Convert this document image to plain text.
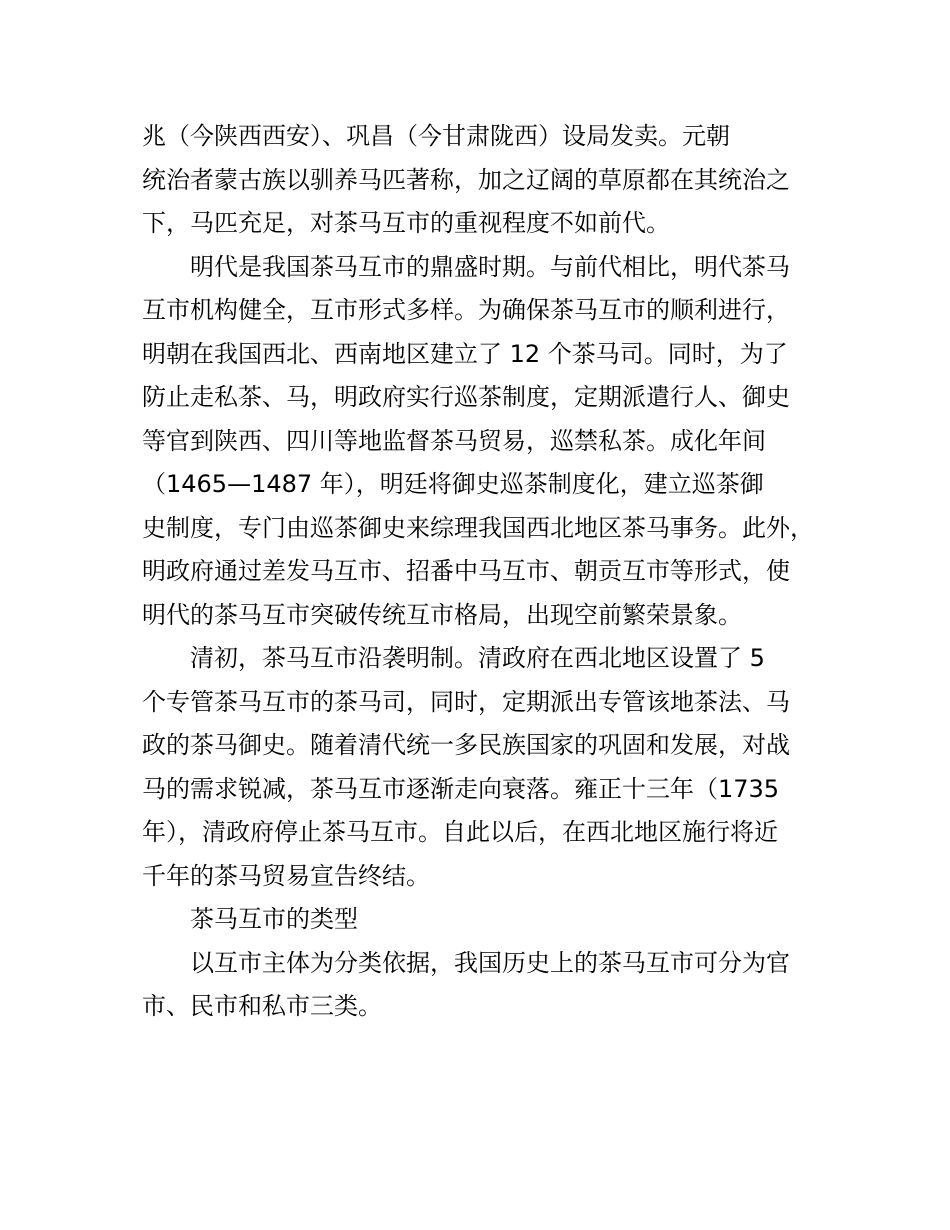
兆（今陕西西安）、巩昌（今甘肃陇西）设局发卖。元朝
统治者蒙古族以驯养马匹著称，加之辽阔的草原都在其统治之
下，马匹充足，对茶马互市的重视程度不如前代。
明代是我国茶马互市的鼎盛时期。与前代相比，明代茶马
互市机构健全，互市形式多样。为确保茶马互市的顺利进行，
明朝在我国西北、西南地区建立了 12 个茶马司。同时，为了
防止走私茶、马，明政府实行巡茶制度，定期派遣行人、御史
等官到陕西、四川等地监督茶马贸易，巡禁私茶。成化年间
（1465—1487 年），明廷将御史巡茶制度化，建立巡茶御
史制度，专门由巡茶御史来综理我国西北地区茶马事务。此外，
明政府通过差发马互市、招番中马互市、朝贡互市等形式，使
明代的茶马互市突破传统互市格局，出现空前繁荣景象。
清初，茶马互市沿袭明制。清政府在西北地区设置了 5
个专管茶马互市的茶马司，同时，定期派出专管该地茶法、马
政的茶马御史。随着清代统一多民族国家的巩固和发展，对战
马的需求锐减，茶马互市逐渐走向衰落。雍正十三年（1735
年），清政府停止茶马互市。自此以后，在西北地区施行将近
千年的茶马贸易宣告终结。
茶马互市的类型
以互市主体为分类依据，我国历史上的茶马互市可分为官
市、民市和私市三类。
